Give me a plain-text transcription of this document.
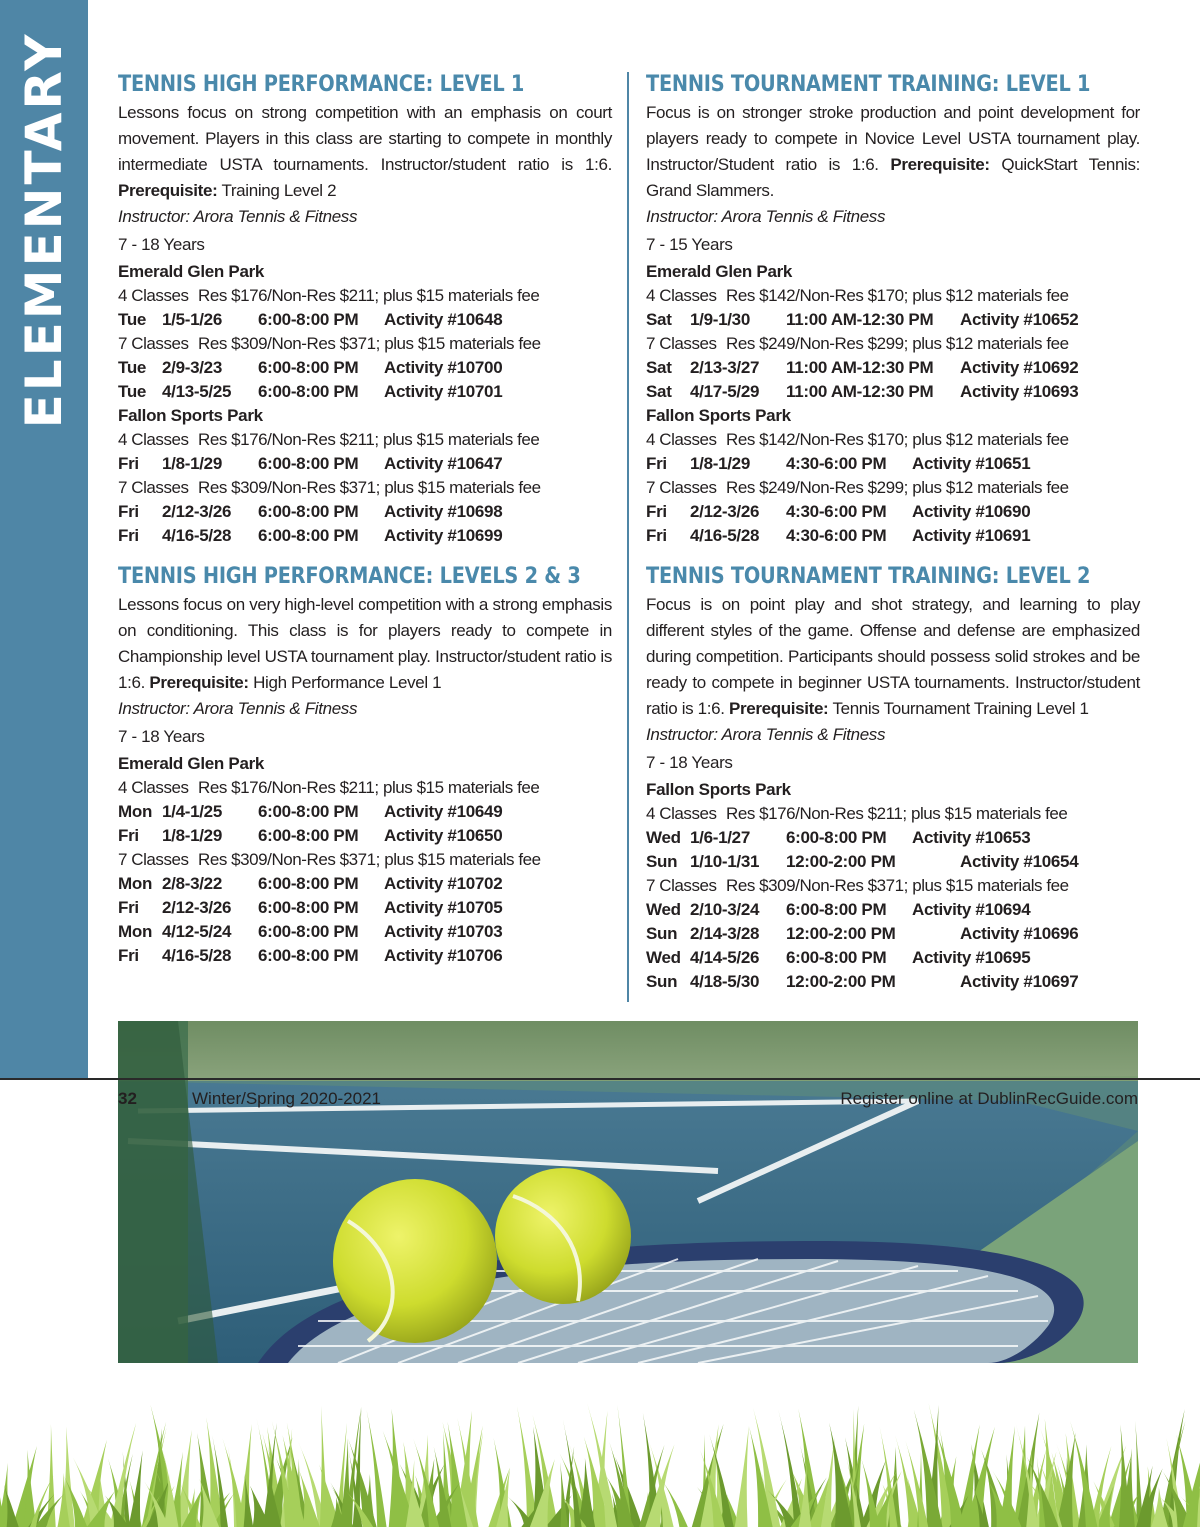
ELEMENTARY TENNIS HIGH PERFORMANCE: LEVEL 1
Lessons focus on strong competition with an emphasis on court movement. Players in this class are starting to compete in monthly intermediate USTA tournaments. Instructor/student ratio is 1:6. Prerequisite: Training Level 2
Instructor: Arora Tennis & Fitness
7 - 18 Years
Emerald Glen Park
4 Classes Res $176/Non-Res $211; plus $15 materials fee
Tue 1/5-1/26 6:00-8:00 PM Activity #10648
7 Classes Res $309/Non-Res $371; plus $15 materials fee
Tue 2/9-3/23 6:00-8:00 PM Activity #10700
Tue 4/13-5/25 6:00-8:00 PM Activity #10701
Fallon Sports Park
4 Classes Res $176/Non-Res $211; plus $15 materials fee
Fri 1/8-1/29 6:00-8:00 PM Activity #10647
7 Classes Res $309/Non-Res $371; plus $15 materials fee
Fri 2/12-3/26 6:00-8:00 PM Activity #10698
Fri 4/16-5/28 6:00-8:00 PM Activity #10699
TENNIS HIGH PERFORMANCE: LEVELS 2 & 3
Lessons focus on very high-level competition with a strong emphasis on conditioning. This class is for players ready to compete in Championship level USTA tournament play. Instructor/student ratio is 1:6. Prerequisite: High Performance Level 1
Instructor: Arora Tennis & Fitness
7 - 18 Years
Emerald Glen Park
4 Classes Res $176/Non-Res $211; plus $15 materials fee
Mon 1/4-1/25 6:00-8:00 PM Activity #10649
Fri 1/8-1/29 6:00-8:00 PM Activity #10650
7 Classes Res $309/Non-Res $371; plus $15 materials fee
Mon 2/8-3/22 6:00-8:00 PM Activity #10702
Fri 2/12-3/26 6:00-8:00 PM Activity #10705
Mon 4/12-5/24 6:00-8:00 PM Activity #10703
Fri 4/16-5/28 6:00-8:00 PM Activity #10706
TENNIS TOURNAMENT TRAINING: LEVEL 1
Focus is on stronger stroke production and point development for players ready to compete in Novice Level USTA tournament play. Instructor/Student ratio is 1:6. Prerequisite: QuickStart Tennis: Grand Slammers.
Instructor: Arora Tennis & Fitness
7 - 15 Years
Emerald Glen Park
4 Classes Res $142/Non-Res $170; plus $12 materials fee
Sat 1/9-1/30 11:00 AM-12:30 PM Activity #10652
7 Classes Res $249/Non-Res $299; plus $12 materials fee
Sat 2/13-3/27 11:00 AM-12:30 PM Activity #10692
Sat 4/17-5/29 11:00 AM-12:30 PM Activity #10693
Fallon Sports Park
4 Classes Res $142/Non-Res $170; plus $12 materials fee
Fri 1/8-1/29 4:30-6:00 PM Activity #10651
7 Classes Res $249/Non-Res $299; plus $12 materials fee
Fri 2/12-3/26 4:30-6:00 PM Activity #10690
Fri 4/16-5/28 4:30-6:00 PM Activity #10691
TENNIS TOURNAMENT TRAINING: LEVEL 2
Focus is on point play and shot strategy, and learning to play different styles of the game. Offense and defense are emphasized during competition. Participants should possess solid strokes and be ready to compete in beginner USTA tournaments. Instructor/student ratio is 1:6. Prerequisite: Tennis Tournament Training Level 1
Instructor: Arora Tennis & Fitness
7 - 18 Years
Fallon Sports Park
4 Classes Res $176/Non-Res $211; plus $15 materials fee
Wed 1/6-1/27 6:00-8:00 PM Activity #10653
Sun 1/10-1/31 12:00-2:00 PM	Activity #10654
7 Classes Res $309/Non-Res $371; plus $15 materials fee
Wed 2/10-3/24 6:00-8:00 PM Activity #10694
Sun 2/14-3/28 12:00-2:00 PM	Activity #10696
Wed 4/14-5/26 6:00-8:00 PM Activity #10695
Sun 4/18-5/30 12:00-2:00 PM	Activity #10697
32	Winter/Spring 2020-2021	Register online at DublinRecGuide.com
